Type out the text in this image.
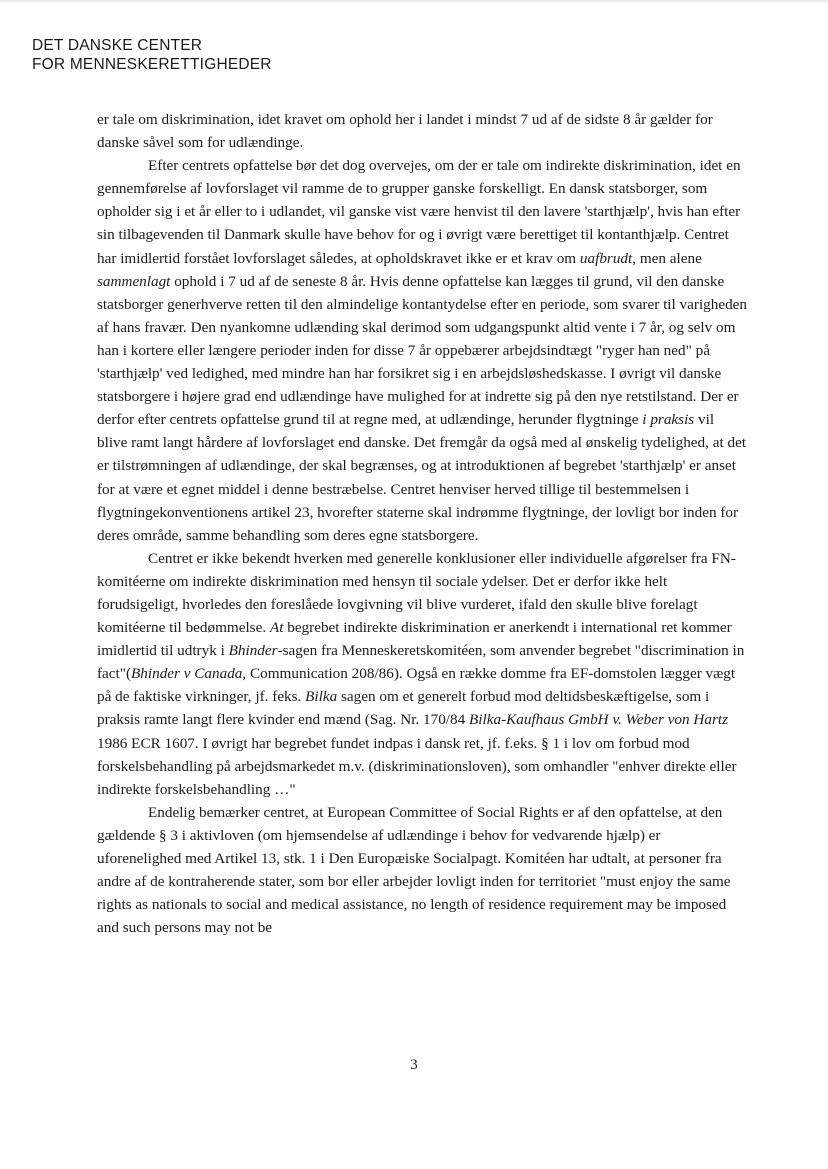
DET DANSKE CENTER
FOR MENNESKERETTIGHEDER

er tale om diskrimination, idet kravet om ophold her i landet i mindst 7 ud af de sidste 8 år gælder for danske såvel som for udlændinge.

Efter centrets opfattelse bør det dog overvejes, om der er tale om indirekte diskrimination, idet en gennemførelse af lovforslaget vil ramme de to grupper ganske forskelligt. En dansk statsborger, som opholder sig i et år eller to i udlandet, vil ganske vist være henvist til den lavere 'starthjælp', hvis han efter sin tilbagevenden til Danmark skulle have behov for og i øvrigt være berettiget til kontanthjælp. Centret har imidlertid forstået lovforslaget således, at opholdskravet ikke er et krav om uafbrudt, men alene sammenlagt ophold i 7 ud af de seneste 8 år. Hvis denne opfattelse kan lægges til grund, vil den danske statsborger generhverve retten til den almindelige kontantydelse efter en periode, som svarer til varigheden af hans fravær. Den nyankomne udlænding skal derimod som udgangspunkt altid vente i 7 år, og selv om han i kortere eller længere perioder inden for disse 7 år oppebærer arbejdsindtægt "ryger han ned" på 'starthjælp' ved ledighed, med mindre han har forsikret sig i en arbejdsløshedskasse. I øvrigt vil danske statsborgere i højere grad end udlændinge have mulighed for at indrette sig på den nye retstilstand. Der er derfor efter centrets opfattelse grund til at regne med, at udlændinge, herunder flygtninge i praksis vil blive ramt langt hårdere af lovforslaget end danske. Det fremgår da også med al ønskelig tydelighed, at det er tilstrømningen af udlændinge, der skal begrænses, og at introduktionen af begrebet 'starthjælp' er anset for at være et egnet middel i denne bestræbelse. Centret henviser herved tillige til bestemmelsen i flygtningekonventionens artikel 23, hvorefter staterne skal indrømme flygtninge, der lovligt bor inden for deres område, samme behandling som deres egne statsborgere.

Centret er ikke bekendt hverken med generelle konklusioner eller individuelle afgørelser fra FN-komitéerne om indirekte diskrimination med hensyn til sociale ydelser. Det er derfor ikke helt forudsigeligt, hvorledes den foreslåede lovgivning vil blive vurderet, ifald den skulle blive forelagt komitéerne til bedømmelse. At begrebet indirekte diskrimination er anerkendt i international ret kommer imidlertid til udtryk i Bhinder-sagen fra Menneskeretskomitéen, som anvender begrebet "discrimination in fact"(Bhinder v Canada, Communication 208/86). Også en række domme fra EF-domstolen lægger vægt på de faktiske virkninger, jf. feks. Bilka sagen om et generelt forbud mod deltidsbeskæftigelse, som i praksis ramte langt flere kvinder end mænd (Sag. Nr. 170/84 Bilka-Kaufhaus GmbH v. Weber von Hartz 1986 ECR 1607. I øvrigt har begrebet fundet indpas i dansk ret, jf. f.eks. § 1 i lov om forbud mod forskelsbehandling på arbejdsmarkedet m.v. (diskriminationsloven), som omhandler "enhver direkte eller indirekte forskelsbehandling …"

Endelig bemærker centret, at European Committee of Social Rights er af den opfattelse, at den gældende § 3 i aktivloven (om hjemsendelse af udlændinge i behov for vedvarende hjælp) er uforenelighed med Artikel 13, stk. 1 i Den Europæiske Socialpagt. Komitéen har udtalt, at personer fra andre af de kontraherende stater, som bor eller arbejder lovligt inden for territoriet "must enjoy the same rights as nationals to social and medical assistance, no length of residence requirement may be imposed and such persons may not be

3
